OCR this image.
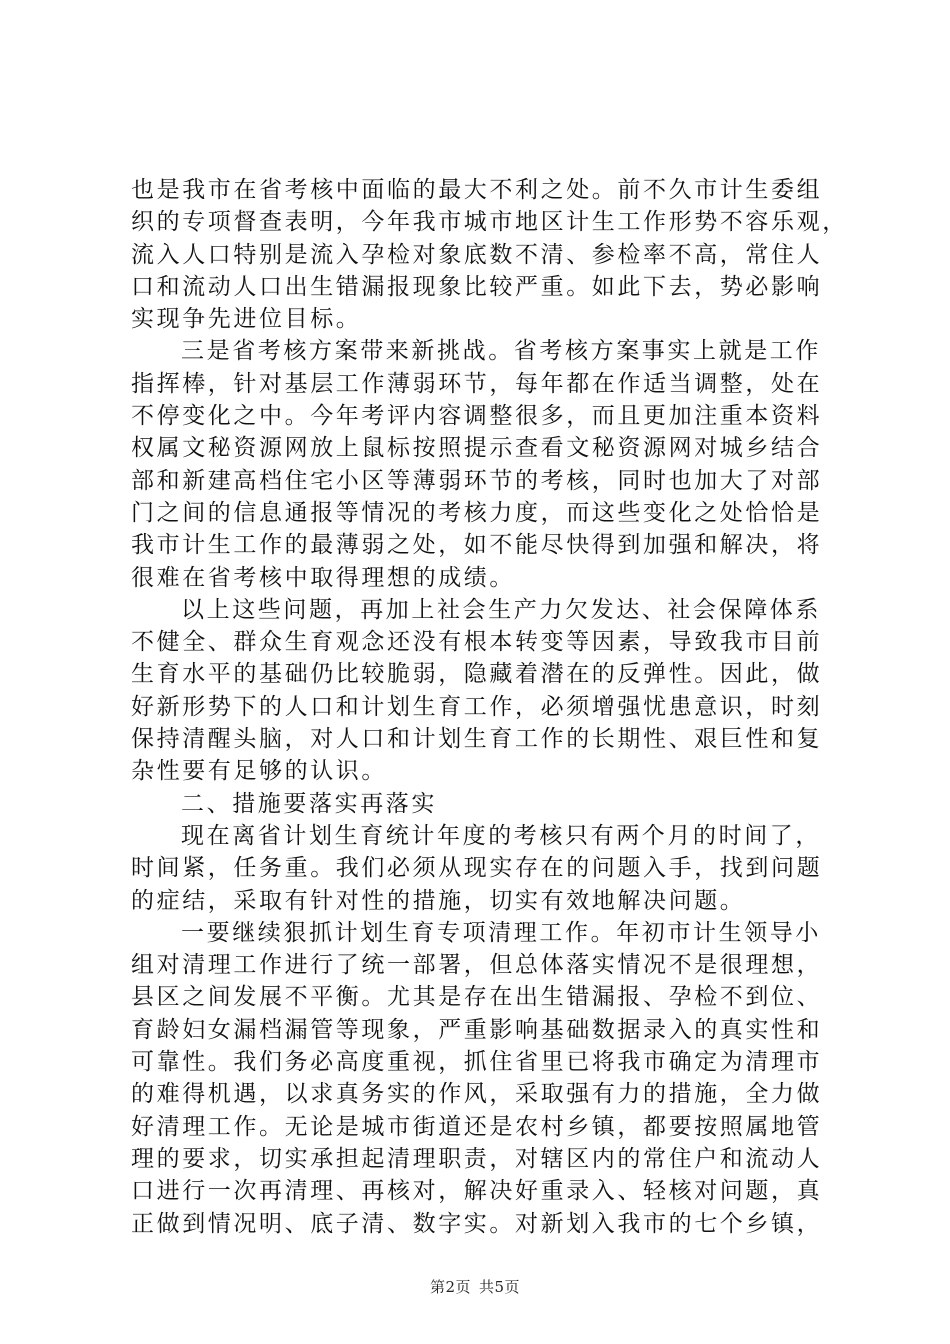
也是我市在省考核中面临的最大不利之处。前不久市计生委组
织的专项督查表明，今年我市城市地区计生工作形势不容乐观，
流入人口特别是流入孕检对象底数不清、参检率不高，常住人
口和流动人口出生错漏报现象比较严重。如此下去，势必影响
实现争先进位目标。
三是省考核方案带来新挑战。省考核方案事实上就是工作
指挥棒，针对基层工作薄弱环节，每年都在作适当调整，处在
不停变化之中。今年考评内容调整很多，而且更加注重本资料
权属文秘资源网放上鼠标按照提示查看文秘资源网对城乡结合
部和新建高档住宅小区等薄弱环节的考核，同时也加大了对部
门之间的信息通报等情况的考核力度，而这些变化之处恰恰是
我市计生工作的最薄弱之处，如不能尽快得到加强和解决，将
很难在省考核中取得理想的成绩。
以上这些问题，再加上社会生产力欠发达、社会保障体系
不健全、群众生育观念还没有根本转变等因素，导致我市目前
生育水平的基础仍比较脆弱，隐藏着潜在的反弹性。因此，做
好新形势下的人口和计划生育工作，必须增强忧患意识，时刻
保持清醒头脑，对人口和计划生育工作的长期性、艰巨性和复
杂性要有足够的认识。
二、措施要落实再落实
现在离省计划生育统计年度的考核只有两个月的时间了，
时间紧，任务重。我们必须从现实存在的问题入手，找到问题
的症结，采取有针对性的措施，切实有效地解决问题。
一要继续狠抓计划生育专项清理工作。年初市计生领导小
组对清理工作进行了统一部署，但总体落实情况不是很理想，
县区之间发展不平衡。尤其是存在出生错漏报、孕检不到位、
育龄妇女漏档漏管等现象，严重影响基础数据录入的真实性和
可靠性。我们务必高度重视，抓住省里已将我市确定为清理市
的难得机遇，以求真务实的作风，采取强有力的措施，全力做
好清理工作。无论是城市街道还是农村乡镇，都要按照属地管
理的要求，切实承担起清理职责，对辖区内的常住户和流动人
口进行一次再清理、再核对，解决好重录入、轻核对问题，真
正做到情况明、底子清、数字实。对新划入我市的七个乡镇，
第2页 共5页
